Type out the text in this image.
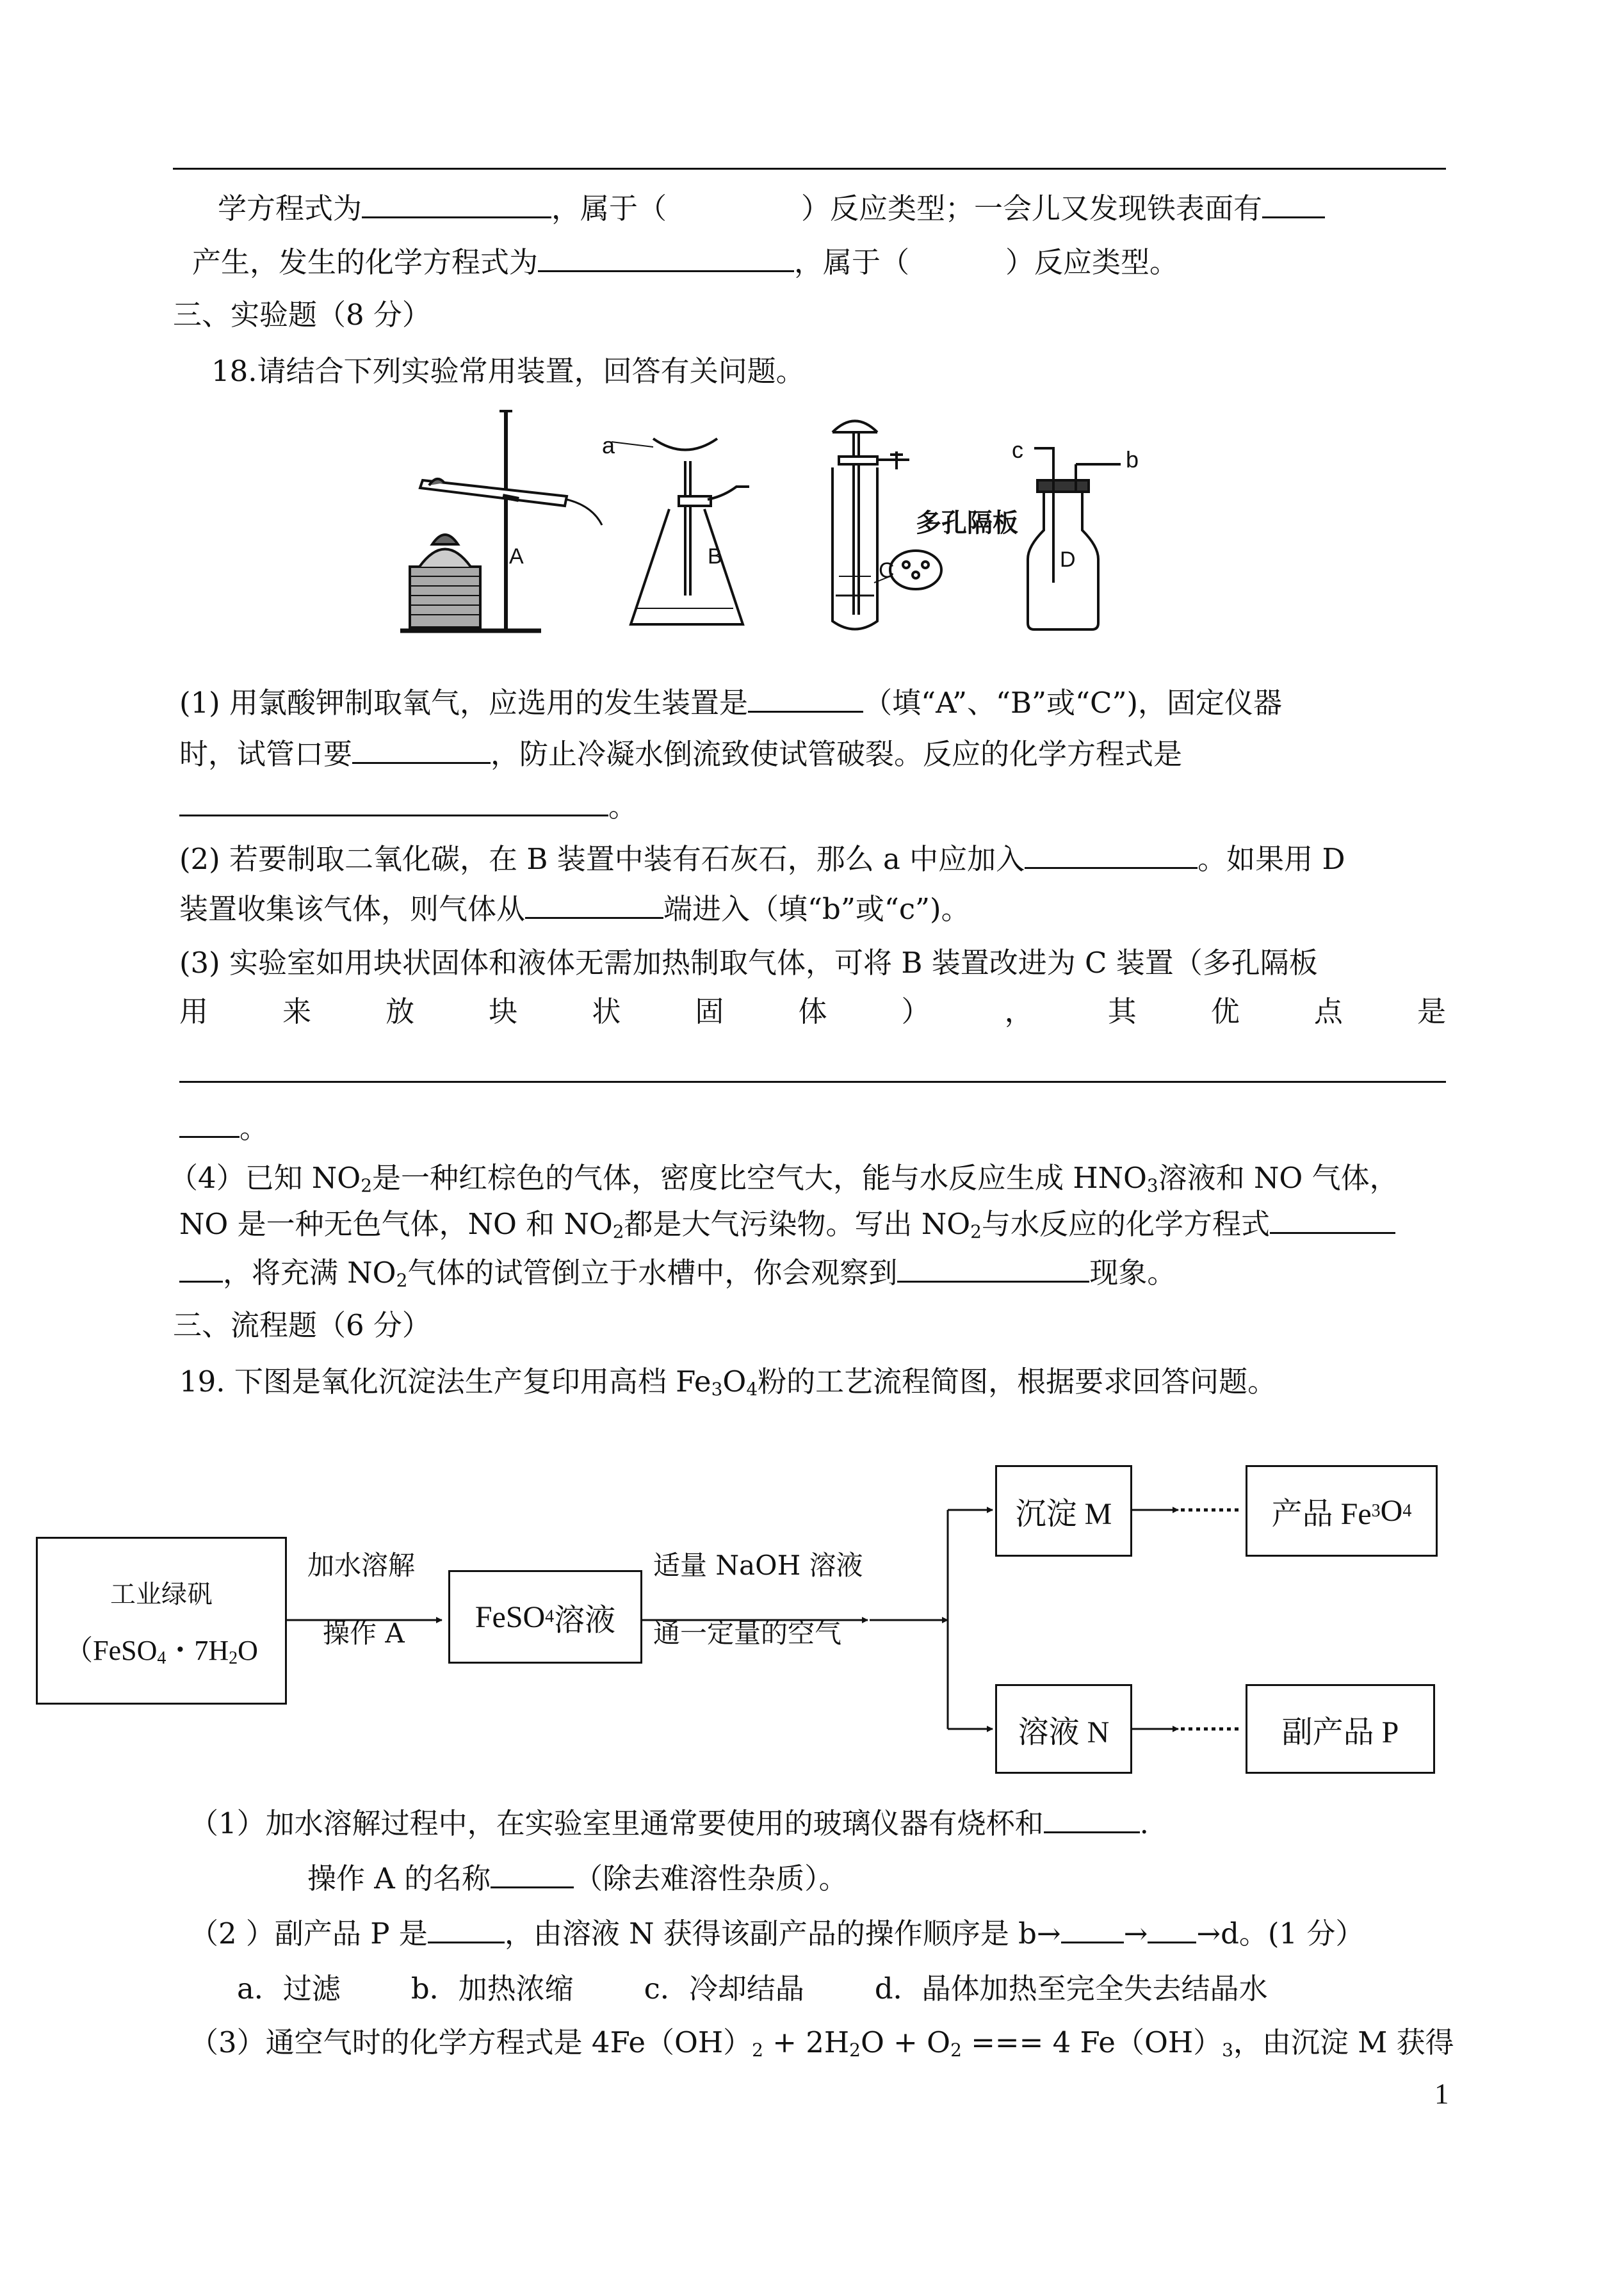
学方程式为	，属于（	）反应类型；一会儿又发现铁表面有
产生，发生的化学方程式为	，属于（	）反应类型。
三、实验题（8 分）
18.请结合下列实验常用装置，回答有关问题。
a
A	B
多孔隔板
C
c	b
D
(1) 用氯酸钾制取氧气，应选用的发生装置是	（填“A”、“B”或“C”)，固定仪器
时，试管口要	，防止冷凝水倒流致使试管破裂。反应的化学方程式是
。
(2) 若要制取二氧化碳，在 B 装置中装有石灰石，那么 a 中应加入	。如果用 D
装置收集该气体，则气体从	端进入（填“b”或“c”)。
(3) 实验室如用块状固体和液体无需加热制取气体，可将 B 装置改进为 C 装置（多孔隔板
用	来	放	块	状	固	体	）	，	其	优	点	是
。
（4）已知 $NO_2$是一种红棕色的气体，密度比空气大，能与水反应生成 $HNO_3$溶液和 NO 气体，
NO 是一种无色气体，NO 和 $NO_2$都是大气污染物。写出 $NO_2$与水反应的化学方程式
，将充满 $NO_2$气体的试管倒立于水槽中，你会观察到	现象。
三、流程题（6 分）
19. 下图是氧化沉淀法生产复印用高档 $Fe_3O_4$粉的工艺流程简图，根据要求回答问题。
工业绿矾
（FeSO$_4$・$7H_2O$
加水溶解
操作 A FeSO 4 溶液
适量 NaOH 溶液
通一定量的空气
沉淀 M	产品 Fe 3 O 4
溶液 N	副产品 P
（1）加水溶解过程中，在实验室里通常要使用的玻璃仪器有烧杯和	.
操作 A 的名称	（除去难溶性杂质）。
（2 ）副产品 P 是	，由溶液 N 获得该副产品的操作顺序是 b→ → →d。(1 分）
a．过滤 b．加热浓缩 c．冷却结晶 d．晶体加热至完全失去结晶水
（3）通空气时的化学方程式是 $4Fe(OH)_2 + 2H_2O + O_2$ === 4 $Fe(OH)_3$，由沉淀 M 获得
1
